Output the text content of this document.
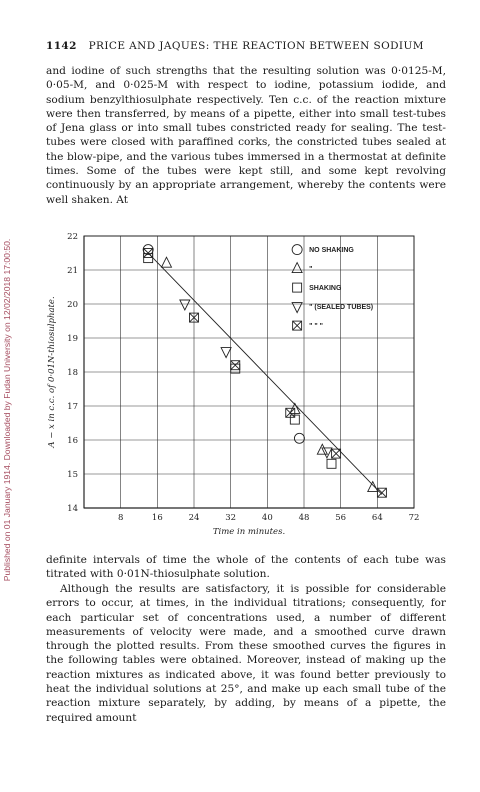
Published on 01 January 1914. Downloaded by Fudan University on 12/02/2018 17:00:50.
1142 PRICE AND JAQUES: THE REACTION BETWEEN SODIUM

and iodine of such strengths that the resulting solution was 0·0125-M, 0·05-M, and 0·025-M with respect to iodine, potassium iodide, and sodium benzylthiosulphate respectively. Ten c.c. of the reaction mixture were then transferred, by means of a pipette, either into small test-tubes of Jena glass or into small tubes constricted ready for sealing. The test-tubes were closed with paraffined corks, the constricted tubes sealed at the blow-pipe, and the various tubes immersed in a thermostat at definite times. Some of the tubes were kept still, and some kept revolving continuously by an appropriate arrangement, whereby the contents were well shaken. At

8	16	24	32	40	48	56	64	72
14
15
16
17
18
19
20
21
22
NO SHAKING
"
SHAKING
" (SEALED TUBES)
" " "
Time in minutes.
A − x in c.c. of 0·01N-thiosulphate.

definite intervals of time the whole of the contents of each tube was titrated with 0·01N-thiosulphate solution.

Although the results are satisfactory, it is possible for considerable errors to occur, at times, in the individual titrations; consequently, for each particular set of concentrations used, a number of different measurements of velocity were made, and a smoothed curve drawn through the plotted results. From these smoothed curves the figures in the following tables were obtained. Moreover, instead of making up the reaction mixtures as indicated above, it was found better previously to heat the individual solutions at 25°, and make up each small tube of the reaction mixture separately, by adding, by means of a pipette, the required amount
